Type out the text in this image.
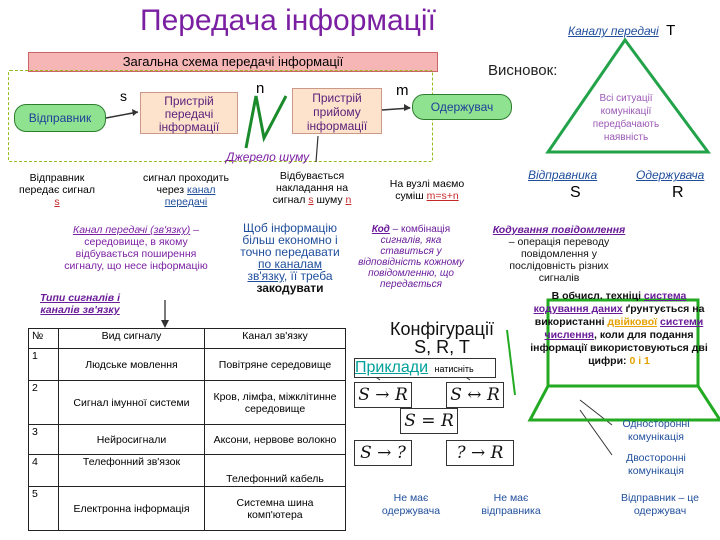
Передача інформації	Каналу передачі T
Загальна схема передачі інформації
Висновок:
Відправник
s	Пристрій передачі інформації
n
Пристрій прийому інформації
m
Одержувач
Джерело шуму
Всі ситуації комунікації передбачають наявність
Відправника
S
Одержувача
R
Відправник
передає сигнал s
сигнал проходить
через канал
передачі
Відбувається
накладання на
сигнал s шуму n
На вузлі маємо
суміш m=s+n
Канал передачі (зв'язку) –
середовище, в якому
відбувається поширення
сигналу, що несе інформацію
Щоб інформацію
більш економно і
точно передавати
по каналам
зв'язку, її треба
закодувати
Код – комбінація
сигналів, яка
ставиться у
відповідність кожному
повідомленню, що
передається
Кодування повідомлення
– операція переводу
повідомлення у
послідовність різних
сигналів
Типи сигналів і каналів зв'язку
№	Вид сигналу	Канал зв'язку
1	Людське мовлення	Повітряне середовище
2	Сигнал імунної системи	Кров, лімфа, міжклітинне середовище
3	Нейросигнали	Аксони, нервове волокно
4	Телефонний зв'язок	Телефонний кабель
5	Електронна інформація	Системна шина комп'ютера
Конфігурації
S, R, T
Приклади натисніть
S → R	S ↔ R
S = R
S → ?	? → R
Не має одержувача
Не має відправника
Відправник – це одержувач
В обчисл. техніці система кодування даних ґрунтується на використанні двійкової системи числення, коли для подання інформації використовуються дві цифри: 0 і 1
Односторонні комунікація
Двосторонні комунікація
